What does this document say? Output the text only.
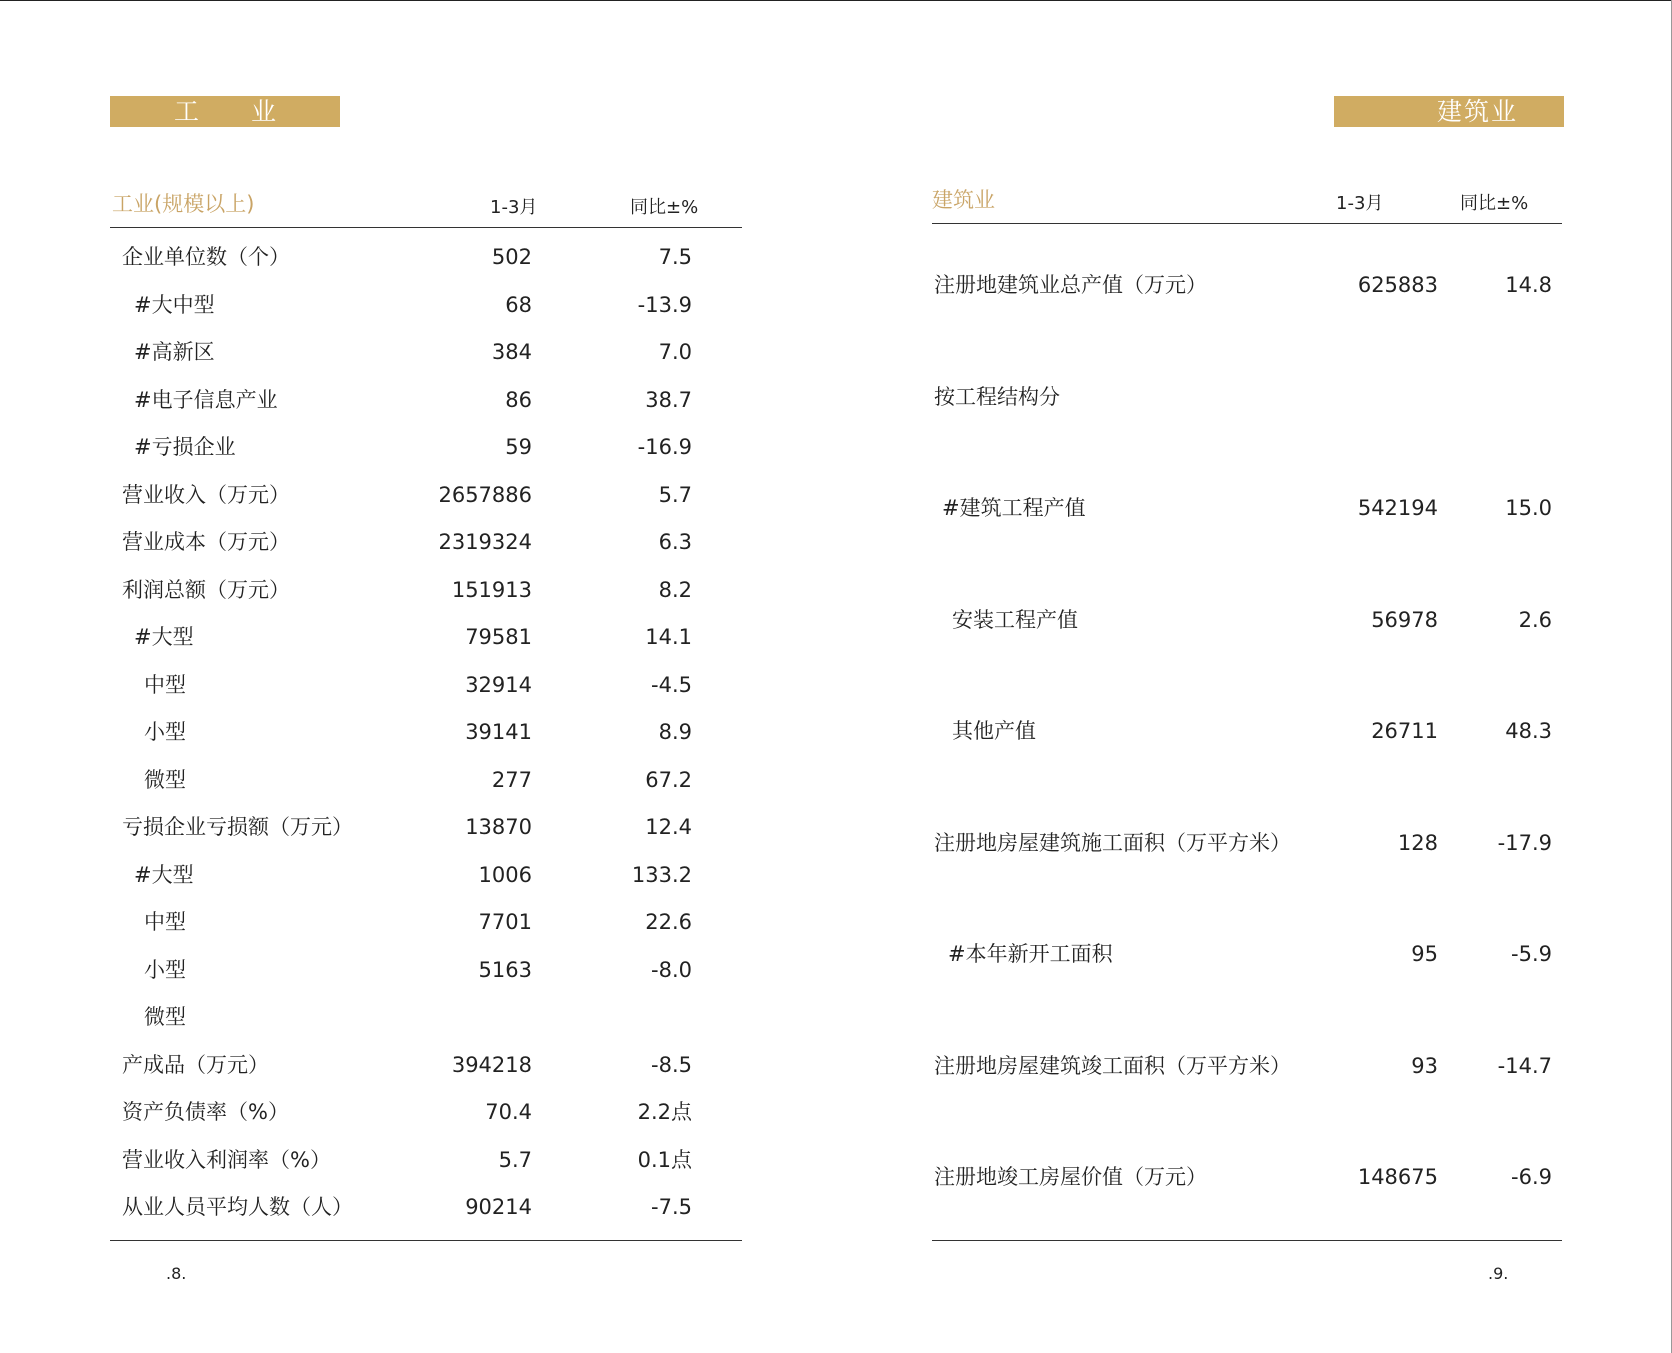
工 业
工业(规模以上)	1-3月	同比±%
企业单位数（个）	502	7.5
#大中型	68	-13.9
#高新区	384	7.0
#电子信息产业	86	38.7
#亏损企业	59	-16.9
营业收入（万元）	2657886	5.7
营业成本（万元）	2319324	6.3
利润总额（万元）	151913	8.2
#大型	79581	14.1
中型	32914	-4.5
小型	39141	8.9
微型	277	67.2
亏损企业亏损额（万元）	13870	12.4
#大型	1006	133.2
中型	7701	22.6
小型	5163	-8.0
微型
产成品（万元）	394218	-8.5
资产负债率（%）	70.4	2.2点
营业收入利润率（%）	5.7	0.1点
从业人员平均人数（人）	90214	-7.5
.8.
建筑业
建筑业	1-3月	同比±%
注册地建筑业总产值（万元）	625883	14.8
按工程结构分
#建筑工程产值	542194	15.0
安装工程产值	56978	2.6
其他产值	26711	48.3
注册地房屋建筑施工面积（万平方米）	128	-17.9
#本年新开工面积	95	-5.9
注册地房屋建筑竣工面积（万平方米）	93	-14.7
注册地竣工房屋价值（万元）	148675	-6.9
.9.
